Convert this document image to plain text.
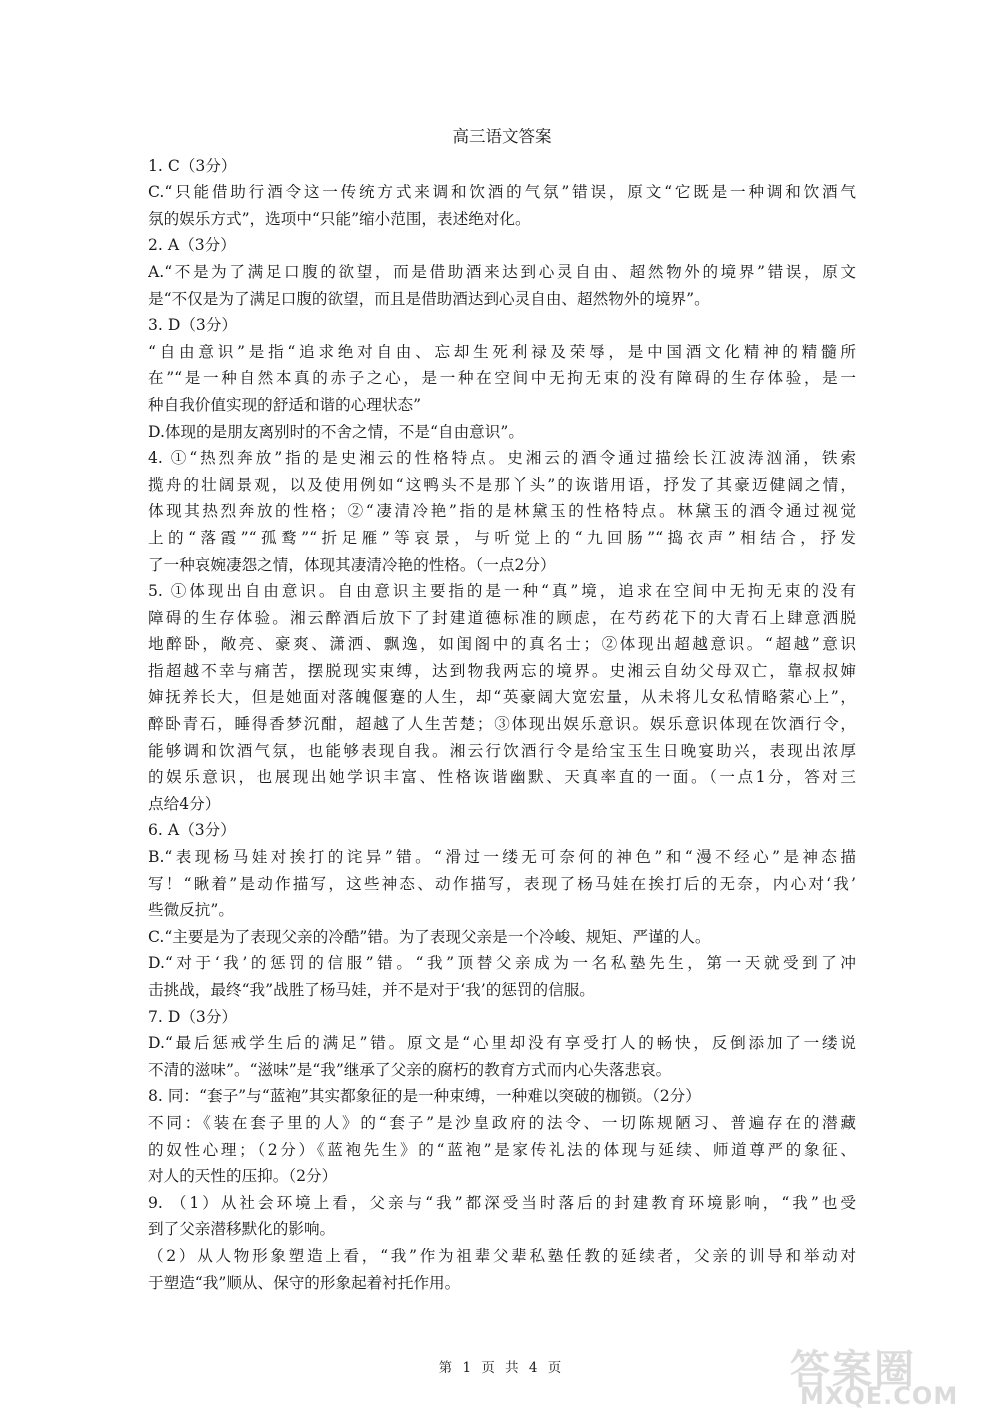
高三语文答案
1. C（3分）
C.“只能借助行酒令这一传统方式来调和饮酒的气氛”错误，原文“它既是一种调和饮酒气
氛的娱乐方式”，选项中“只能”缩小范围，表述绝对化。
2. A（3分）
A.“不是为了满足口腹的欲望，而是借助酒来达到心灵自由、超然物外的境界”错误，原文
是“不仅是为了满足口腹的欲望，而且是借助酒达到心灵自由、超然物外的境界”。
3. D（3分）
“自由意识”是指“追求绝对自由、忘却生死利禄及荣辱，是中国酒文化精神的精髓所
在”“是一种自然本真的赤子之心，是一种在空间中无拘无束的没有障碍的生存体验，是一
种自我价值实现的舒适和谐的心理状态”
D.体现的是朋友离别时的不舍之情，不是“自由意识”。
4. ①“热烈奔放”指的是史湘云的性格特点。史湘云的酒令通过描绘长江波涛汹涌，铁索
揽舟的壮阔景观，以及使用例如“这鸭头不是那丫头”的诙谐用语，抒发了其豪迈健阔之情，
体现其热烈奔放的性格；②“凄清冷艳”指的是林黛玉的性格特点。林黛玉的酒令通过视觉
上的“落霞”“孤鹜”“折足雁”等哀景，与听觉上的“九回肠”“捣衣声”相结合，抒发
了一种哀婉凄怨之情，体现其凄清冷艳的性格。（一点2分）
5. ①体现出自由意识。自由意识主要指的是一种“真”境，追求在空间中无拘无束的没有
障碍的生存体验。湘云醉酒后放下了封建道德标准的顾虑，在芍药花下的大青石上肆意洒脱
地醉卧，敞亮、豪爽、潇洒、飘逸，如闺阁中的真名士；②体现出超越意识。“超越”意识
指超越不幸与痛苦，摆脱现实束缚，达到物我两忘的境界。史湘云自幼父母双亡，靠叔叔婶
婶抚养长大，但是她面对落魄偃蹇的人生，却“英豪阔大宽宏量，从未将儿女私情略萦心上”，
醉卧青石，睡得香梦沉酣，超越了人生苦楚；③体现出娱乐意识。娱乐意识体现在饮酒行令，
能够调和饮酒气氛，也能够表现自我。湘云行饮酒行令是给宝玉生日晚宴助兴，表现出浓厚
的娱乐意识，也展现出她学识丰富、性格诙谐幽默、天真率直的一面。（一点1分，答对三
点给4分）
6. A（3分）
B.“表现杨马娃对挨打的诧异”错。“滑过一缕无可奈何的神色”和“漫不经心”是神态描
写！“瞅着”是动作描写，这些神态、动作描写，表现了杨马娃在挨打后的无奈，内心对‘我’
些微反抗”。
C.“主要是为了表现父亲的冷酷”错。为了表现父亲是一个冷峻、规矩、严谨的人。
D.“对于‘我’的惩罚的信服”错。“我”顶替父亲成为一名私塾先生，第一天就受到了冲
击挑战，最终“我”战胜了杨马娃，并不是对于‘我’的惩罚的信服。
7. D（3分）
D.“最后惩戒学生后的满足”错。原文是“心里却没有享受打人的畅快，反倒添加了一缕说
不清的滋味”。“滋味”是“我”继承了父亲的腐朽的教育方式而内心失落悲哀。
8. 同：“套子”与“蓝袍”其实都象征的是一种束缚，一种难以突破的枷锁。（2分）
不同：《装在套子里的人》的“套子”是沙皇政府的法令、一切陈规陋习、普遍存在的潜藏
的奴性心理；（2分）《蓝袍先生》的“蓝袍”是家传礼法的体现与延续、师道尊严的象征、
对人的天性的压抑。（2分）
9. （1）从社会环境上看，父亲与“我”都深受当时落后的封建教育环境影响，“我”也受
到了父亲潜移默化的影响。
（2）从人物形象塑造上看，“我”作为祖辈父辈私塾任教的延续者，父亲的训导和举动对
于塑造“我”顺从、保守的形象起着衬托作用。
第 1 页 共 4 页	答案圈
MXQE.COM
